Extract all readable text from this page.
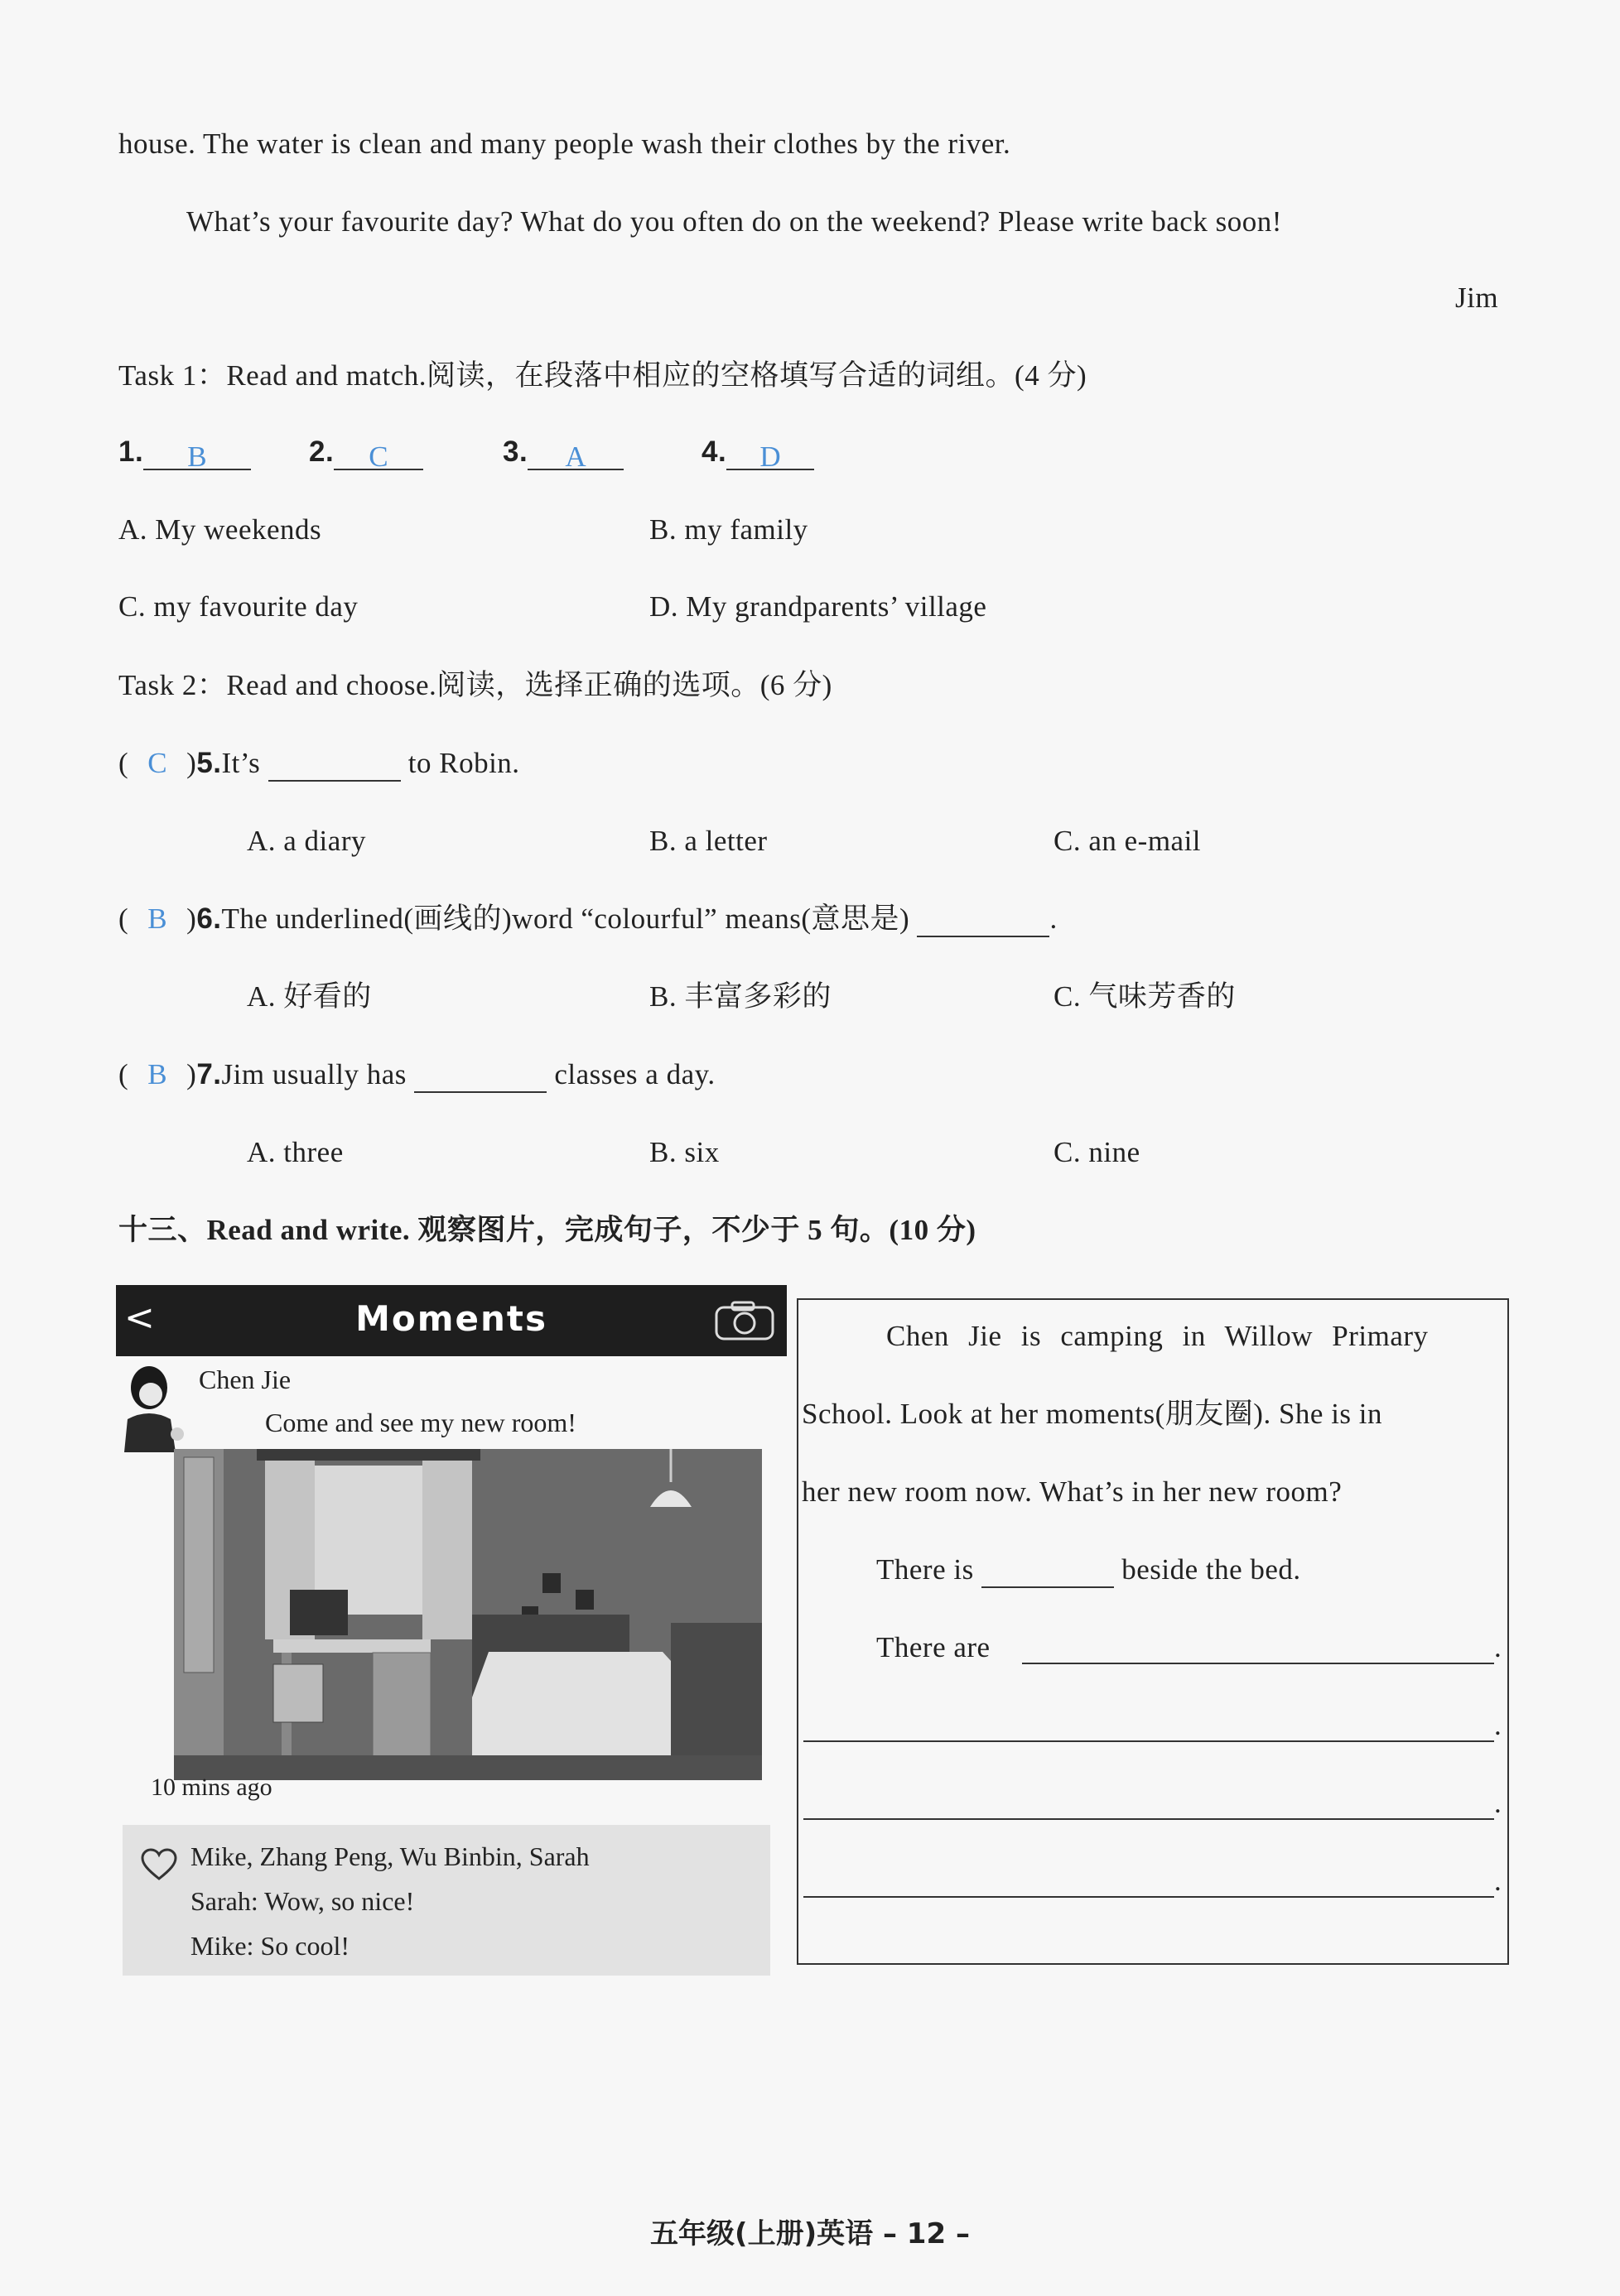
house. The water is clean and many people wash their clothes by the river.
What’s your favourite day? What do you often do on the weekend? Please write back soon!
Jim
Task 1：Read and match.阅读，在段落中相应的空格填写合适的词组。(4 分)
1. B	2. C	3. A	4. D
A. My weekends	B. my family
C. my favourite day	D. My grandparents’ village
Task 2：Read and choose.阅读，选择正确的选项。(6 分)
( C )5.It’s	to Robin.
A. a diary	B. a letter	C. an e-mail
( B )6.The underlined(画线的)word “colourful” means(意思是)	.
A. 好看的	B. 丰富多彩的	C. 气味芳香的
( B )7.Jim usually has	classes a day.
A. three	B. six	C. nine
十三、Read and write. 观察图片，完成句子，不少于 5 句。(10 分)
<	Moments
Chen Jie
Come and see my new room!
10 mins ago
Mike, Zhang Peng, Wu Binbin, Sarah
Sarah: Wow, so nice!
Mike: So cool!
Chen Jie is camping in Willow Primary
School. Look at her moments(朋友圈). She is in
her new room now. What’s in her new room?
There is	beside the bed.
There are	.
.
.
.
五年级(上册)英语 – 12 –
